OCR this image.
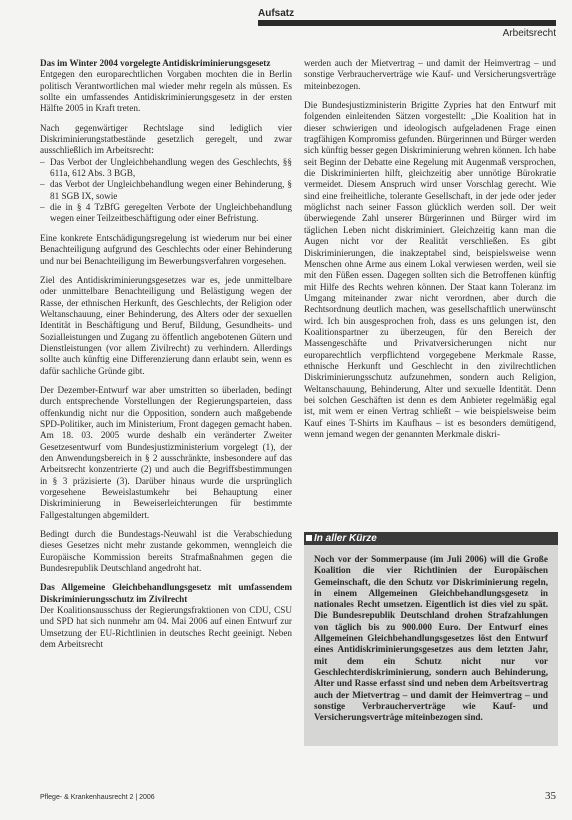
Aufsatz
Arbeitsrecht

Das im Winter 2004 vorgelegte Antidiskriminierungsgesetz

Entgegen den europarechtlichen Vorgaben mochten die in Berlin politisch Verantwortlichen mal wieder mehr regeln als müssen. Es sollte ein umfassendes Antidiskriminierungsgesetz in der ersten Hälfte 2005 in Kraft treten.

Nach gegenwärtiger Rechtslage sind lediglich vier Diskriminierungstatbestände gesetzlich geregelt, und zwar ausschließlich im Arbeitsrecht:

– Das Verbot der Ungleichbehandlung wegen des Geschlechts, §§ 611a, 612 Abs. 3 BGB,
– das Verbot der Ungleichbehandlung wegen einer Behinderung, § 81 SGB IX, sowie
– die in § 4 TzBfG geregelten Verbote der Ungleichbehandlung wegen einer Teilzeitbeschäftigung oder einer Befristung.

Eine konkrete Entschädigungsregelung ist wiederum nur bei einer Benachteiligung aufgrund des Geschlechts oder einer Behinderung und nur bei Benachteiligung im Bewerbungsverfahren vorgesehen.

Ziel des Antidiskriminierungsgesetzes war es, jede unmittelbare oder unmittelbare Benachteiligung und Belästigung wegen der Rasse, der ethnischen Herkunft, des Geschlechts, der Religion oder Weltanschauung, einer Behinderung, des Alters oder der sexuellen Identität in Beschäftigung und Beruf, Bildung, Gesundheits- und Sozialleistungen und Zugang zu öffentlich angebotenen Gütern und Dienstleistungen (vor allem Zivilrecht) zu verhindern. Allerdings sollte auch künftig eine Differenzierung dann erlaubt sein, wenn es dafür sachliche Gründe gibt.

Der Dezember-Entwurf war aber umstritten so überladen, bedingt durch entsprechende Vorstellungen der Regierungsparteien, dass offenkundig nicht nur die Opposition, sondern auch maßgebende SPD-Politiker, auch im Ministerium, Front dagegen gemacht haben. Am 18. 03. 2005 wurde deshalb ein veränderter Zweiter Gesetzesentwurf vom Bundesjustizministerium vorgelegt (1), der den Anwendungsbereich in § 2 ausschränkte, insbesondere auf das Arbeitsrecht konzentrierte (2) und auch die Begriffsbestimmungen in § 3 präzisierte (3). Darüber hinaus wurde die ursprünglich vorgesehene Beweislastumkehr bei Behauptung einer Diskriminierung in Beweiserleichterungen für bestimmte Fallgestaltungen abgemildert.

Bedingt durch die Bundestags-Neuwahl ist die Verabschiedung dieses Gesetzes nicht mehr zustande gekommen, wenngleich die Europäische Kommission bereits Strafmaßnahmen gegen die Bundesrepublik Deutschland angedroht hat.

Das Allgemeine Gleichbehandlungsgesetz mit umfassendem Diskriminierungsschutz im Zivilrecht

Der Koalitionsausschuss der Regierungsfraktionen von CDU, CSU und SPD hat sich nunmehr am 04. Mai 2006 auf einen Entwurf zur Umsetzung der EU-Richtlinien in deutsches Recht geeinigt. Neben dem Arbeitsrecht

werden auch der Mietvertrag – und damit der Heimvertrag – und sonstige Verbraucherverträge wie Kauf- und Versicherungsverträge miteinbezogen.

Die Bundesjustizministerin Brigitte Zypries hat den Entwurf mit folgenden einleitenden Sätzen vorgestellt: „Die Koalition hat in dieser schwierigen und ideologisch aufgeladenen Frage einen tragfähigen Kompromiss gefunden. Bürgerinnen und Bürger werden sich künftig besser gegen Diskriminierung wehren können. Ich habe seit Beginn der Debatte eine Regelung mit Augenmaß versprochen, die Diskriminierten hilft, gleichzeitig aber unnötige Bürokratie vermeidet. Diesem Anspruch wird unser Vorschlag gerecht. Wie sind eine freiheitliche, tolerante Gesellschaft, in der jede oder jeder möglichst nach seiner Fasson glücklich werden soll. Der weit überwiegende Zahl unserer Bürgerinnen und Bürger wird im täglichen Leben nicht diskriminiert. Gleichzeitig kann man die Augen nicht vor der Realität verschließen. Es gibt Diskriminierungen, die inakzeptabel sind, beispielsweise wenn Menschen ohne Arme aus einem Lokal verwiesen werden, weil sie mit den Füßen essen. Dagegen sollten sich die Betroffenen künftig mit Hilfe des Rechts wehren können. Der Staat kann Toleranz im Umgang miteinander zwar nicht verordnen, aber durch die Rechtsordnung deutlich machen, was gesellschaftlich unerwünscht wird. Ich bin ausgesprochen froh, dass es uns gelungen ist, den Koalitionspartner zu überzeugen, für den Bereich der Massengeschäfte und Privatversicherungen nicht nur europarechtlich verpflichtend vorgegebene Merkmale Rasse, ethnische Herkunft und Geschlecht in den zivilrechtlichen Diskriminierungsschutz aufzunehmen, sondern auch Religion, Weltanschauung, Behinderung, Alter und sexuelle Identität. Denn bei solchen Geschäften ist denn es dem Anbieter regelmäßig egal ist, mit wem er einen Vertrag schließt – wie beispielsweise beim Kauf eines T-Shirts im Kaufhaus – ist es besonders demütigend, wenn jemand wegen der genannten Merkmale diskri-

In aller Kürze
Noch vor der Sommerpause (im Juli 2006) will die Große Koalition die vier Richtlinien der Europäischen Gemeinschaft, die den Schutz vor Diskriminierung regeln, in einem Allgemeinen Gleichbehandlungsgesetz in nationales Recht umsetzen. Eigentlich ist dies viel zu spät. Die Bundesrepublik Deutschland drohen Strafzahlungen von täglich bis zu 900.000 Euro. Der Entwurf eines Allgemeinen Gleichbehandlungsgesetzes löst den Entwurf eines Antidiskriminierungsgesetzes aus dem letzten Jahr, mit dem ein Schutz nicht nur vor Geschlechterdiskriminierung, sondern auch Behinderung, Alter und Rasse erfasst sind und neben dem Arbeitsvertrag auch der Mietvertrag – und damit der Heimvertrag – und sonstige Verbraucherverträge wie Kauf- und Versicherungsverträge miteinbezogen sind.
Pflege- & Krankenhausrecht 2 | 2006	35
